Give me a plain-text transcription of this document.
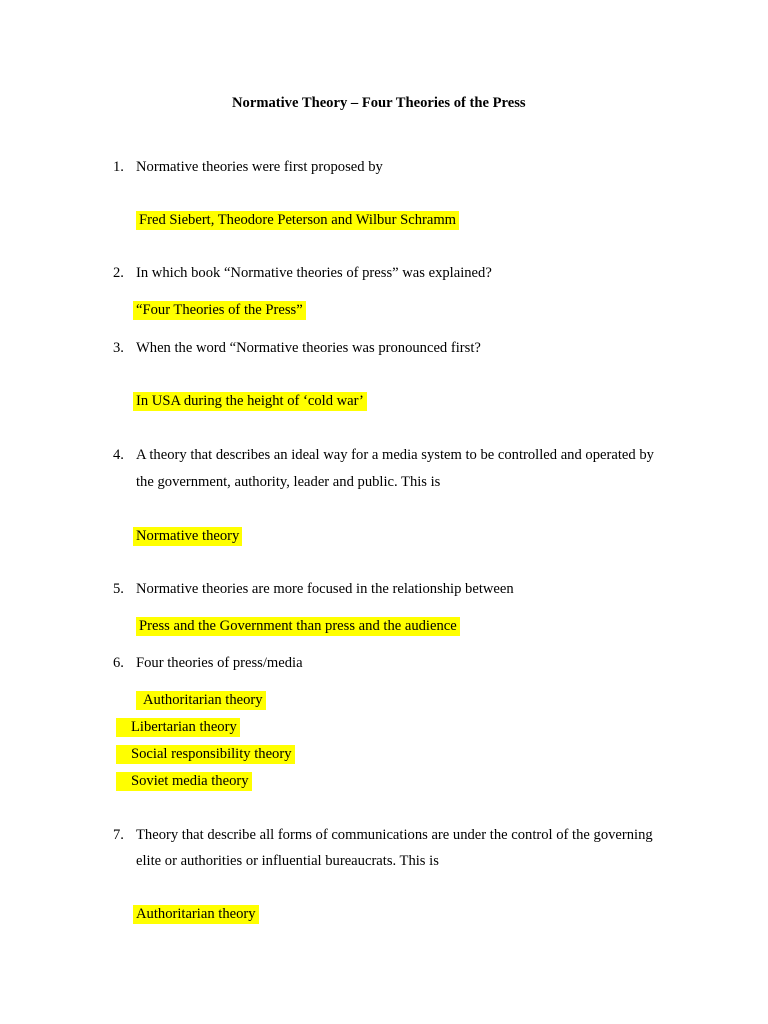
Normative Theory – Four Theories of the Press
1. Normative theories were first proposed by
Fred Siebert, Theodore Peterson and Wilbur Schramm
2. In which book “Normative theories of press” was explained?
“Four Theories of the Press”
3. When the word “Normative theories was pronounced first?
In USA during the height of ‘cold war’
4. A theory that describes an ideal way for a media system to be controlled and operated by
the government, authority, leader and public. This is
Normative theory
5. Normative theories are more focused in the relationship between
Press and the Government than press and the audience
6. Four theories of press/media
Authoritarian theory
Libertarian theory
Social responsibility theory
Soviet media theory
7. Theory that describe all forms of communications are under the control of the governing
elite or authorities or influential bureaucrats. This is
Authoritarian theory
